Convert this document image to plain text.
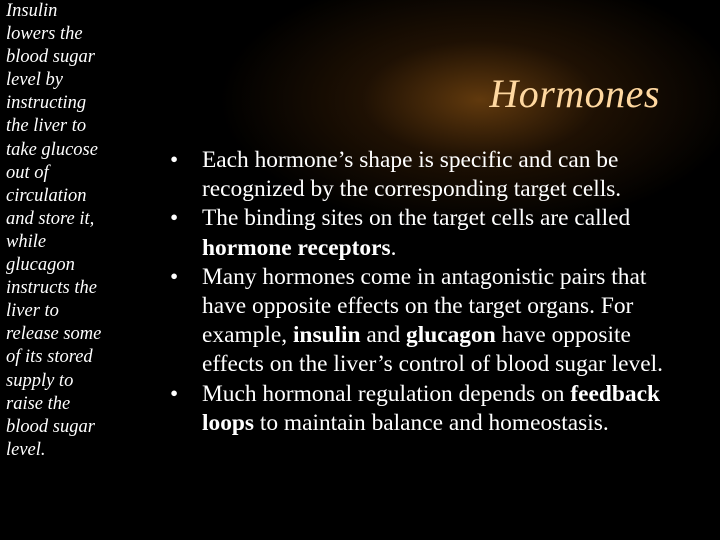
Insulin
lowers the
blood sugar
level by
instructing
the liver to
take glucose
out of
circulation
and store it,
while
glucagon
instructs the
liver to
release some
of its stored
supply to
raise the
blood sugar
level.

Hormones
•	Each hormone’s shape is specific and can be recognized by the corresponding target cells.
•	The binding sites on the target cells are called hormone receptors.
•	Many hormones come in antagonistic pairs that have opposite effects on the target organs. For example, insulin and glucagon have opposite effects on the liver’s control of blood sugar level.
•	Much hormonal regulation depends on feedback loops to maintain balance and homeostasis.
